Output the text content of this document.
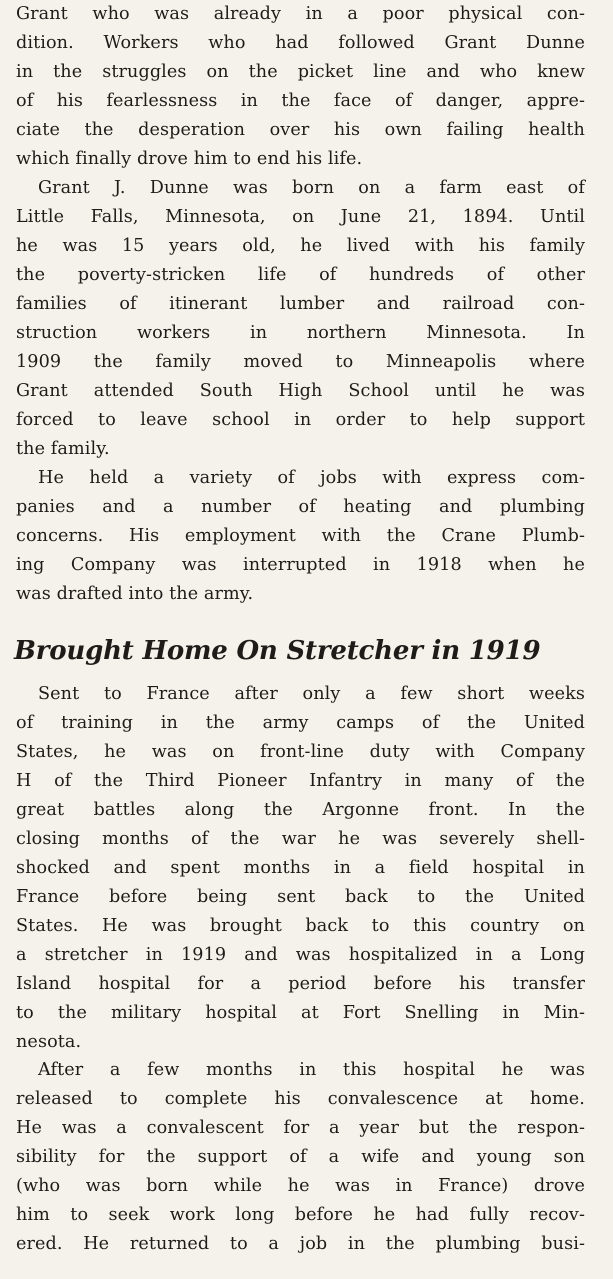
Grant who was already in a poor physical con-
dition. Workers who had followed Grant Dunne
in the struggles on the picket line and who knew
of his fearlessness in the face of danger, appre-
ciate the desperation over his own failing health
which finally drove him to end his life.
Grant J. Dunne was born on a farm east of
Little Falls, Minnesota, on June 21, 1894. Until
he was 15 years old, he lived with his family
the poverty-stricken life of hundreds of other
families of itinerant lumber and railroad con-
struction workers in northern Minnesota. In
1909 the family moved to Minneapolis where
Grant attended South High School until he was
forced to leave school in order to help support
the family.
He held a variety of jobs with express com-
panies and a number of heating and plumbing
concerns. His employment with the Crane Plumb-
ing Company was interrupted in 1918 when he
was drafted into the army.
Brought Home On Stretcher in 1919
Sent to France after only a few short weeks
of training in the army camps of the United
States, he was on front-line duty with Company
H of the Third Pioneer Infantry in many of the
great battles along the Argonne front. In the
closing months of the war he was severely shell-
shocked and spent months in a field hospital in
France before being sent back to the United
States. He was brought back to this country on
a stretcher in 1919 and was hospitalized in a Long
Island hospital for a period before his transfer
to the military hospital at Fort Snelling in Min-
nesota.
After a few months in this hospital he was
released to complete his convalescence at home.
He was a convalescent for a year but the respon-
sibility for the support of a wife and young son
(who was born while he was in France) drove
him to seek work long before he had fully recov-
ered. He returned to a job in the plumbing busi-
